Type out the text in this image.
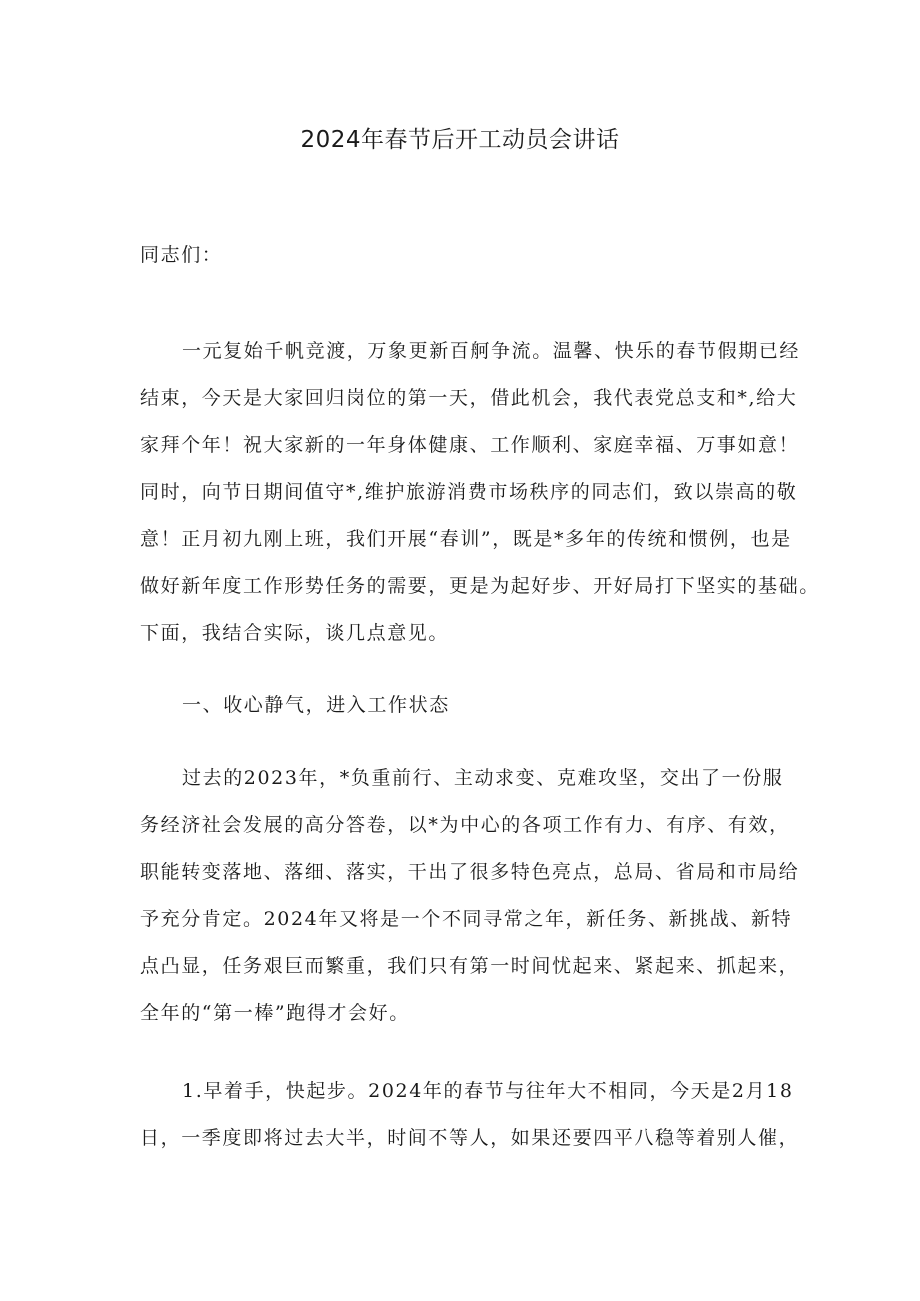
2024年春节后开工动员会讲话
同志们：
一元复始千帆竞渡，万象更新百舸争流。温馨、快乐的春节假期已经
结束，今天是大家回归岗位的第一天，借此机会，我代表党总支和*,给大
家拜个年！祝大家新的一年身体健康、工作顺利、家庭幸福、万事如意！
同时，向节日期间值守*,维护旅游消费市场秩序的同志们，致以崇高的敬
意！正月初九刚上班，我们开展“春训”，既是*多年的传统和惯例，也是
做好新年度工作形势任务的需要，更是为起好步、开好局打下坚实的基础。
下面，我结合实际，谈几点意见。
一、收心静气，进入工作状态
过去的2023年，*负重前行、主动求变、克难攻坚，交出了一份服
务经济社会发展的高分答卷，以*为中心的各项工作有力、有序、有效，
职能转变落地、落细、落实，干出了很多特色亮点，总局、省局和市局给
予充分肯定。2024年又将是一个不同寻常之年，新任务、新挑战、新特
点凸显，任务艰巨而繁重，我们只有第一时间忧起来、紧起来、抓起来，
全年的“第一棒”跑得才会好。
1.早着手，快起步。2024年的春节与往年大不相同，今天是2月18
日，一季度即将过去大半，时间不等人，如果还要四平八稳等着别人催，
